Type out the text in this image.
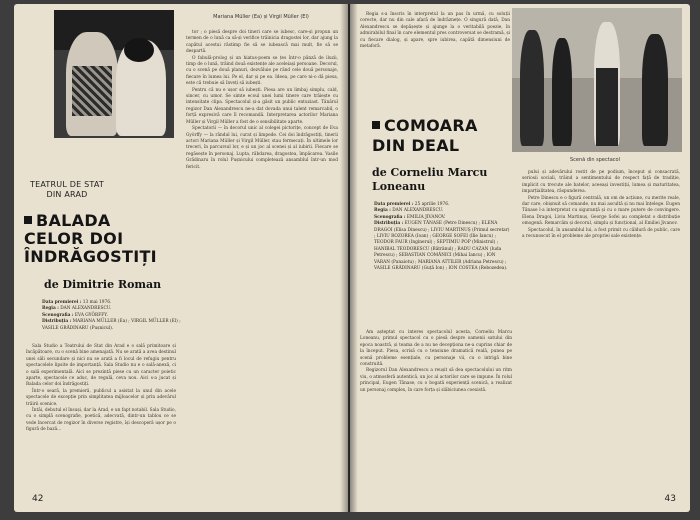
TEATRUL DE STAT
DIN ARAD
BALADA
CELOR DOI
ÎNDRĂGOSTIȚI
de Dimitrie Roman
Data premierei : 13 mai 1976.
Regia : DAN ALEXANDRESCU.
Scenografia : EVA GYÖRFFY.
Distribuția : MARIANA MÜLLER (Ea) ; VIRGIL MÜLLER (El) ; VASILE GRĂDINARU (Pușnicul).

Sala Studio a Teatrului de Stat din Arad e o sală primitoare și încăpătoare, cu o scenă bine amenajată. Nu se arată a avea destinul unei săli secundare și nici nu se arată a fi locul de refugiu pentru spectacolele lipsite de importanță. Sala Studio nu e o sală-anexă, ci o sală experimentală. Aici se prezintă piese cu un caracter poietic aparte, spectacole ce aduc, de regulă, ceva nou. Aici s-a jucat și Balada celor doi îndrăgostiți.

Într-o seară, la premieră, publicul a asistat la unul din acele spectacole de excepție prin simplitatea mijloacelor și prin adevărul trăirii scenice.

Întâi, debutul el însuși, dar la Arad, e un fapt notabil. Sala Studio, cu o simplă scenografie, poetică, adecvată, dintr-un tablou ce se vede încercat de regizor în diverse registre, își descoperă ușor pe o figură de bază...

Mariana Müller (Ea) și Virgil Müller (El)

tor ; o piesă despre doi tineri care se iubesc, care-și propun un termen de o lună ca să-și verifice trăinicia dragostei lor, dar ajung la capătul acestui răstimp fie să se iubească mai mult, fie să se despartă.

O fabulă-prolog și un hiatus-poem se țes într-o pânză de iluzii, timp de o lună, trăind două existențe ale aceleiași persoane. Decorul, cu o scenă pe două planuri, dezvăluie pe rând cele două personaje, fiecare în lumea lui. Pe el, dar și pe ea. Ideea, pe care ni-o dă piesa, este că trebuie să înveți să iubești.

Pentru că nu e ușor să iubești. Piesa are un limbaj simplu, cald, sincer, cu umor. Se simte ecoul unei lumi tinere care trăiește cu intensitate clipa. Spectacolul și-a găsit un public entuziast. Tânărul regizor Dan Alexandrescu ne-a dat dovada unui talent remarcabil, o forță expresivă care îl recomandă. Interpretarea actorilor Mariana Müller și Virgil Müller a fost de o sensibilitate aparte.

Spectatorii — în decorul unic al colegei pictorițe, concept de Eva Györffy — la rândul lui, curat și limpede. Cei doi îndrăgostiți, tinerii actori Mariana Müller și Virgil Müller, stau fermecați. În ultimele lor treceri, în parcursul lor, e și un joc al scenei și al iubirii. Fiecare se regăsește în personaj. Lupta, răbdarea, dragostea, împăcarea. Vasile Grădinaru în rolul Pușnicului completează ansamblul într-un mod fericit.

42

Regia s-a înscris în interpretul la un pas în urmă, cu soluții corecte, dar nu din cale afară de îndrăznețe. O singură dată, Dan Alexandrescu se depășește și ajunge la o veritabilă poezie, în admirabilul final în care elementul pres controversat se destramă, și cu fiecare dialog, și apare, spre iubirea, capătă dimensiuni de metaforă.

Scenă din spectacol
COMOARA
DIN DEAL
de Corneliu Marcu
Loneanu
Data premierei : 25 aprilie 1976.
Regia : DAN ALEXANDRESCU.
Scenografia : EMILIA JIVANOV.
Distribuția : EUGEN TĂNASE (Petre Dinescu) ; ELENA DRAGOI (Elisa Dinescu) ; LIVIU MARTINUȘ (Primul secretar) ; LIVIU ROZOREA (Ioan) ; GEORGE SOFEI (Ilie Iancu) ; TEODOR FAUR (Inginerul) ; SEPTIMIU POP (Ministrul) ; HANIBAL TEODORESCU (Bătrânul) ; RADU CAZAN (Iuda Petrescu) ; SEBASTIAN COMĂNICI (Mihai Iancu) ; ION VARAN (Panaiotu) ; MARIANA ATTILER (Adriana Petrescu) ; VASILE GRĂDINARU (Guță Ion) ; ION COSTEA (Rebozedea).

Am așteptat cu interes spectacolul acesta, Corneliu Marcu Loneanu, primul spectacol cu o piesă despre oamenii satului din epoca noastră, și teama de a nu ne decepționa ne-a cuprins chiar de la început. Piesa, scrisă cu o tensiune dramatică reală, punea pe scenă probleme esențiale, cu personaje vii, cu o intrigă bine construită.

Regizorul Dan Alexandrescu a reușit să dea spectacolului un ritm viu, o atmosferă autentică, un joc al actorilor care se impune. În rolul principal, Eugen Tănase, cu o bogată experiență scenică, a realizat un personaj complex, în care forța și slăbiciunea coexistă.

pului și adevărului rostit de pe podium, început și consacrată, seriosii sociali, trăind a sentimentului de respect față de tradiție, implicit cu trecute ale batelor, aceeași investiții, lumea și maturitatea, imparțialitatea, răspunderea.

Petre Dinescu e o figură centrală, un om de acțiune, cu merite reale, dar care, obișnuit să comande, nu mai ascultă și nu mai înțelege. Eugen Tănase l-a interpretat cu siguranță și cu o mare putere de convingere. Elena Dragoi, Liviu Martinuș, George Sofei au completat o distribuție omogenă. Remarcăm și decorul, simplu și funcțional, al Emiliei Jivanov.

Spectacolul, în ansamblul lui, a fost primit cu căldură de public, care a recunoscut în el probleme ale propriei sale existențe.

43
